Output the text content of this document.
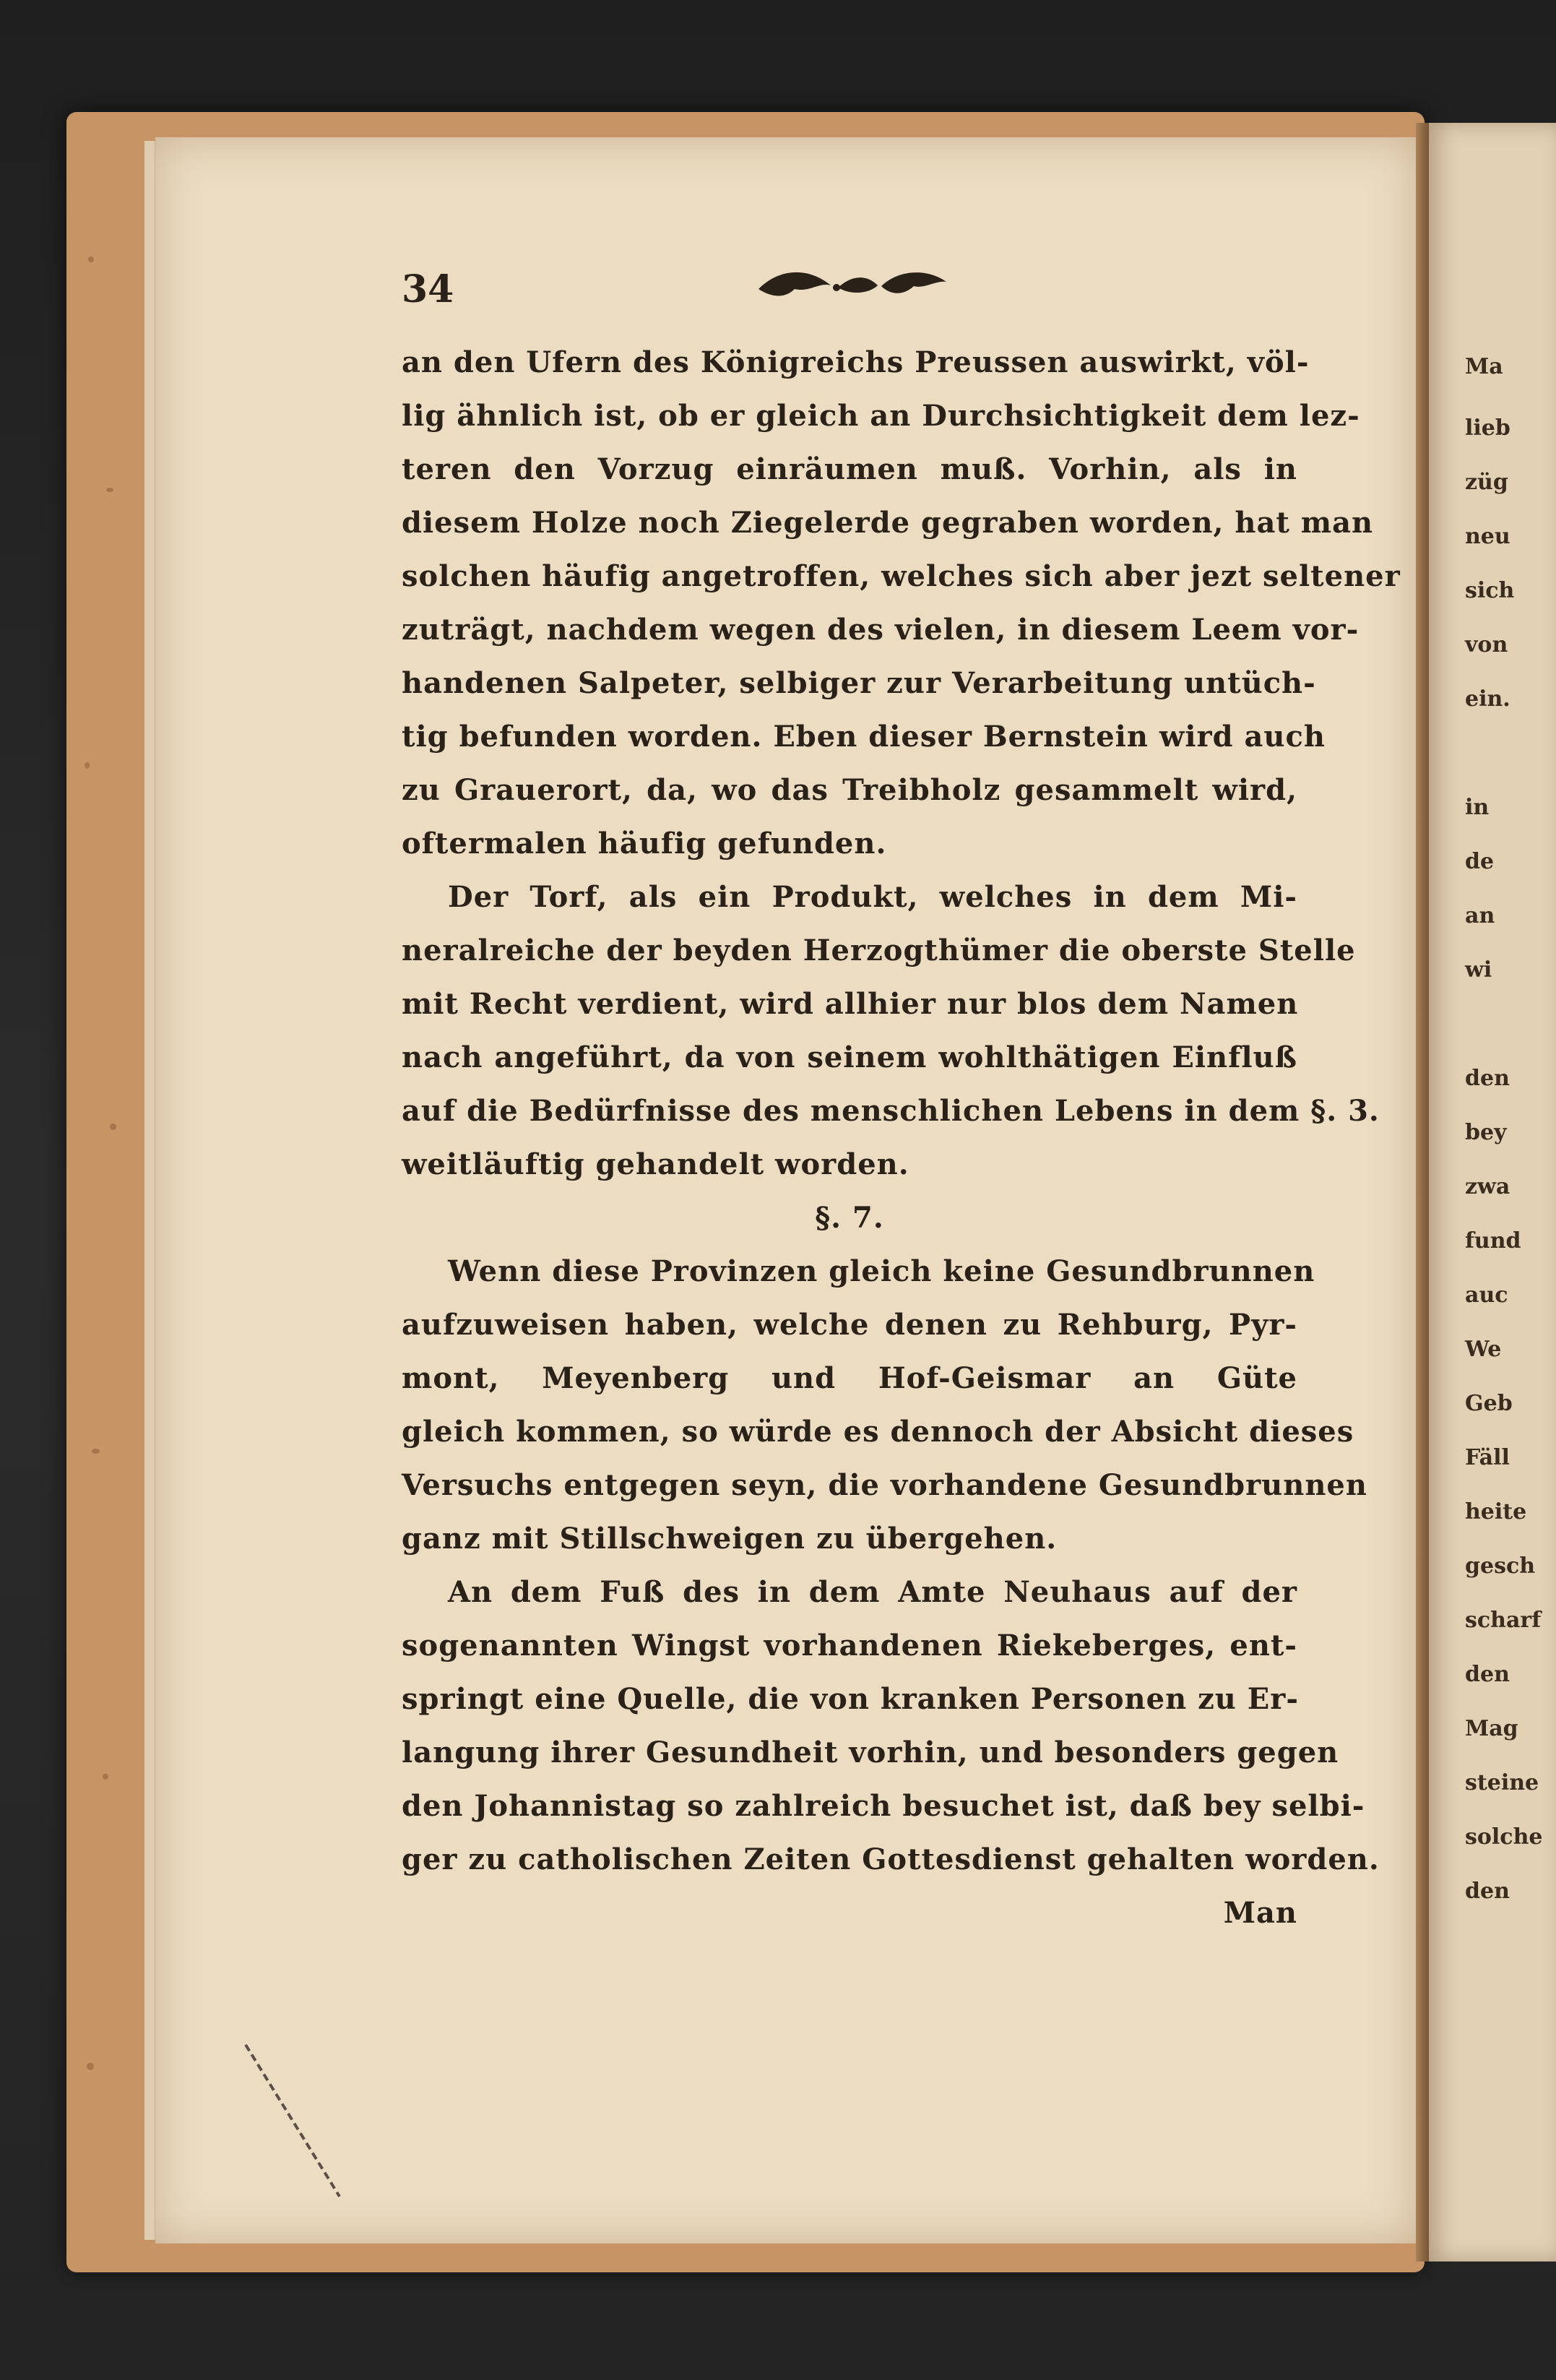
34
an den Ufern des Königreichs Preussen auswirkt, völ-
lig ähnlich ist, ob er gleich an Durchsichtigkeit dem lez-
teren den Vorzug einräumen muß. Vorhin, als in
diesem Holze noch Ziegelerde gegraben worden, hat man
solchen häufig angetroffen, welches sich aber jezt seltener
zuträgt, nachdem wegen des vielen, in diesem Leem vor-
handenen Salpeter, selbiger zur Verarbeitung untüch-
tig befunden worden. Eben dieser Bernstein wird auch
zu Grauerort, da, wo das Treibholz gesammelt wird,
oftermalen häufig gefunden.
Der Torf, als ein Produkt, welches in dem Mi-
neralreiche der beyden Herzogthümer die oberste Stelle
mit Recht verdient, wird allhier nur blos dem Namen
nach angeführt, da von seinem wohlthätigen Einfluß
auf die Bedürfnisse des menschlichen Lebens in dem §. 3.
weitläuftig gehandelt worden.
§. 7.
Wenn diese Provinzen gleich keine Gesundbrunnen
aufzuweisen haben, welche denen zu Rehburg, Pyr-
mont, Meyenberg und Hof-Geismar an Güte
gleich kommen, so würde es dennoch der Absicht dieses
Versuchs entgegen seyn, die vorhandene Gesundbrunnen
ganz mit Stillschweigen zu übergehen.
An dem Fuß des in dem Amte Neuhaus auf der
sogenannten Wingst vorhandenen Riekeberges, ent-
springt eine Quelle, die von kranken Personen zu Er-
langung ihrer Gesundheit vorhin, und besonders gegen
den Johannistag so zahlreich besuchet ist, daß bey selbi-
ger zu catholischen Zeiten Gottesdienst gehalten worden.
Man
Ma
lieb
züg
neu
sich
von
ein.
in
de
an
wi
den
bey
zwa
fund
auc
We
Geb
Fäll
heite
gesch
scharf
den
Mag
steine
solche
den
